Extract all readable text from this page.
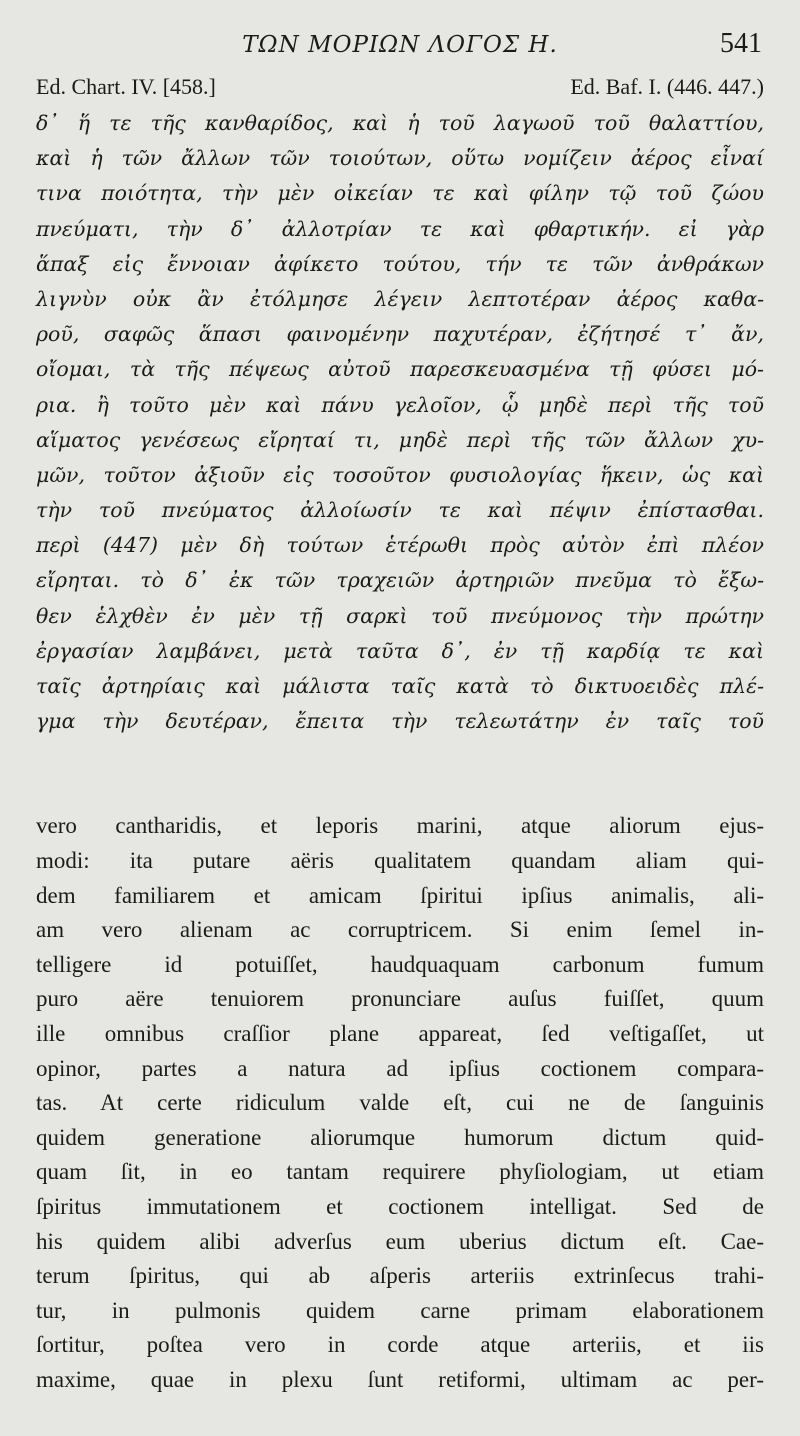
ΤΩΝ ΜΟΡΙΩΝ ΛΟΓΟΣ Η.	541
Ed. Chart. IV. [458.]	Ed. Baf. I. (446. 447.)
δ᾽ ἥ τε τῆς κανθαρίδος, καὶ ἡ τοῦ λαγωοῦ τοῦ θαλαττίου,
καὶ ἡ τῶν ἄλλων τῶν τοιούτων, οὕτω νομίζειν ἀέρος εἶναί
τινα ποιότητα, τὴν μὲν οἰκείαν τε καὶ φίλην τῷ τοῦ ζώου
πνεύματι, τὴν δ᾽ ἀλλοτρίαν τε καὶ φθαρτικήν. εἰ γὰρ
ἅπαξ εἰς ἔννοιαν ἀφίκετο τούτου, τήν τε τῶν ἀνθράκων
λιγνὺν οὐκ ἂν ἐτόλμησε λέγειν λεπτοτέραν ἀέρος καθα-
ροῦ, σαφῶς ἅπασι φαινομένην παχυτέραν, ἐζήτησέ τ᾽ ἄν,
οἴομαι, τὰ τῆς πέψεως αὐτοῦ παρεσκευασμένα τῇ φύσει μό-
ρια. ἢ τοῦτο μὲν καὶ πάνυ γελοῖον, ᾧ μηδὲ περὶ τῆς τοῦ
αἵματος γενέσεως εἴρηταί τι, μηδὲ περὶ τῆς τῶν ἄλλων χυ-
μῶν, τοῦτον ἀξιοῦν εἰς τοσοῦτον φυσιολογίας ἥκειν, ὡς καὶ
τὴν τοῦ πνεύματος ἀλλοίωσίν τε καὶ πέψιν ἐπίστασθαι.
περὶ (447) μὲν δὴ τούτων ἑτέρωθι πρὸς αὐτὸν ἐπὶ πλέον
εἴρηται. τὸ δ᾽ ἐκ τῶν τραχειῶν ἀρτηριῶν πνεῦμα τὸ ἔξω-
θεν ἑλχθὲν ἐν μὲν τῇ σαρκὶ τοῦ πνεύμονος τὴν πρώτην
ἐργασίαν λαμβάνει, μετὰ ταῦτα δ᾽, ἐν τῇ καρδίᾳ τε καὶ
ταῖς ἀρτηρίαις καὶ μάλιστα ταῖς κατὰ τὸ δικτυοειδὲς πλέ-
γμα τὴν δευτέραν, ἔπειτα τὴν τελεωτάτην ἐν ταῖς τοῦ
vero cantharidis, et leporis marini, atque aliorum ejus-
modi: ita putare aëris qualitatem quandam aliam qui-
dem familiarem et amicam ſpiritui ipſius animalis, ali-
am vero alienam ac corruptricem. Si enim ſemel in-
telligere id potuiſſet, haudquaquam carbonum fumum
puro aëre tenuiorem pronunciare auſus fuiſſet, quum
ille omnibus craſſior plane appareat, ſed veſtigaſſet, ut
opinor, partes a natura ad ipſius coctionem compara-
tas. At certe ridiculum valde eſt, cui ne de ſanguinis
quidem generatione aliorumque humorum dictum quid-
quam ſit, in eo tantam requirere phyſiologiam, ut etiam
ſpiritus immutationem et coctionem intelligat. Sed de
his quidem alibi adverſus eum uberius dictum eſt. Cae-
terum ſpiritus, qui ab aſperis arteriis extrinſecus trahi-
tur, in pulmonis quidem carne primam elaborationem
ſortitur, poſtea vero in corde atque arteriis, et iis
maxime, quae in plexu ſunt retiformi, ultimam ac per-
